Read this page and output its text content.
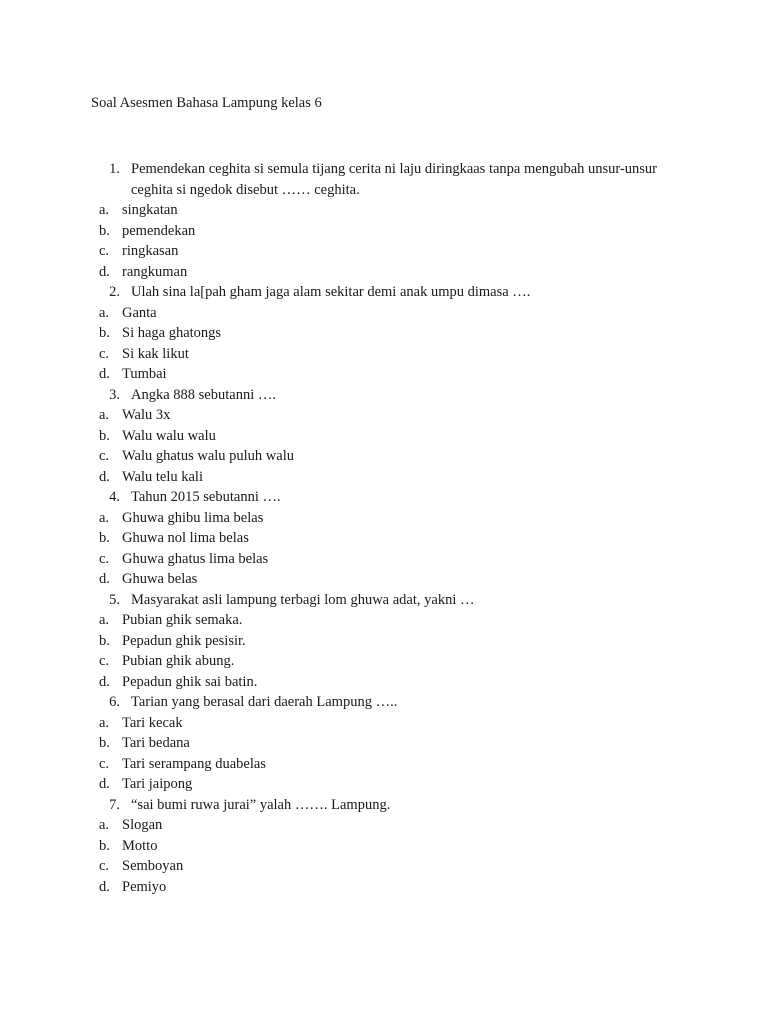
Soal Asesmen Bahasa Lampung kelas 6
1. Pemendekan ceghita si semula tijang cerita ni laju diringkaas tanpa mengubah unsur-unsur ceghita si ngedok disebut …… ceghita.
a. singkatan
b. pemendekan
c. ringkasan
d. rangkuman
2. Ulah sina la[pah gham jaga alam sekitar demi anak umpu dimasa ….
a. Ganta
b. Si haga ghatongs
c. Si kak likut
d. Tumbai
3. Angka 888 sebutanni ….
a. Walu 3x
b. Walu walu walu
c. Walu ghatus walu puluh walu
d. Walu telu kali
4. Tahun 2015 sebutanni ….
a. Ghuwa ghibu lima belas
b. Ghuwa nol lima belas
c. Ghuwa ghatus lima belas
d. Ghuwa belas
5. Masyarakat asli lampung terbagi lom ghuwa adat, yakni …
a. Pubian ghik semaka.
b. Pepadun ghik pesisir.
c. Pubian ghik abung.
d. Pepadun ghik sai batin.
6. Tarian yang berasal dari daerah Lampung …..
a. Tari kecak
b. Tari bedana
c. Tari serampang duabelas
d. Tari jaipong
7. “sai bumi ruwa jurai” yalah ……. Lampung.
a. Slogan
b. Motto
c. Semboyan
d. Pemiyo
